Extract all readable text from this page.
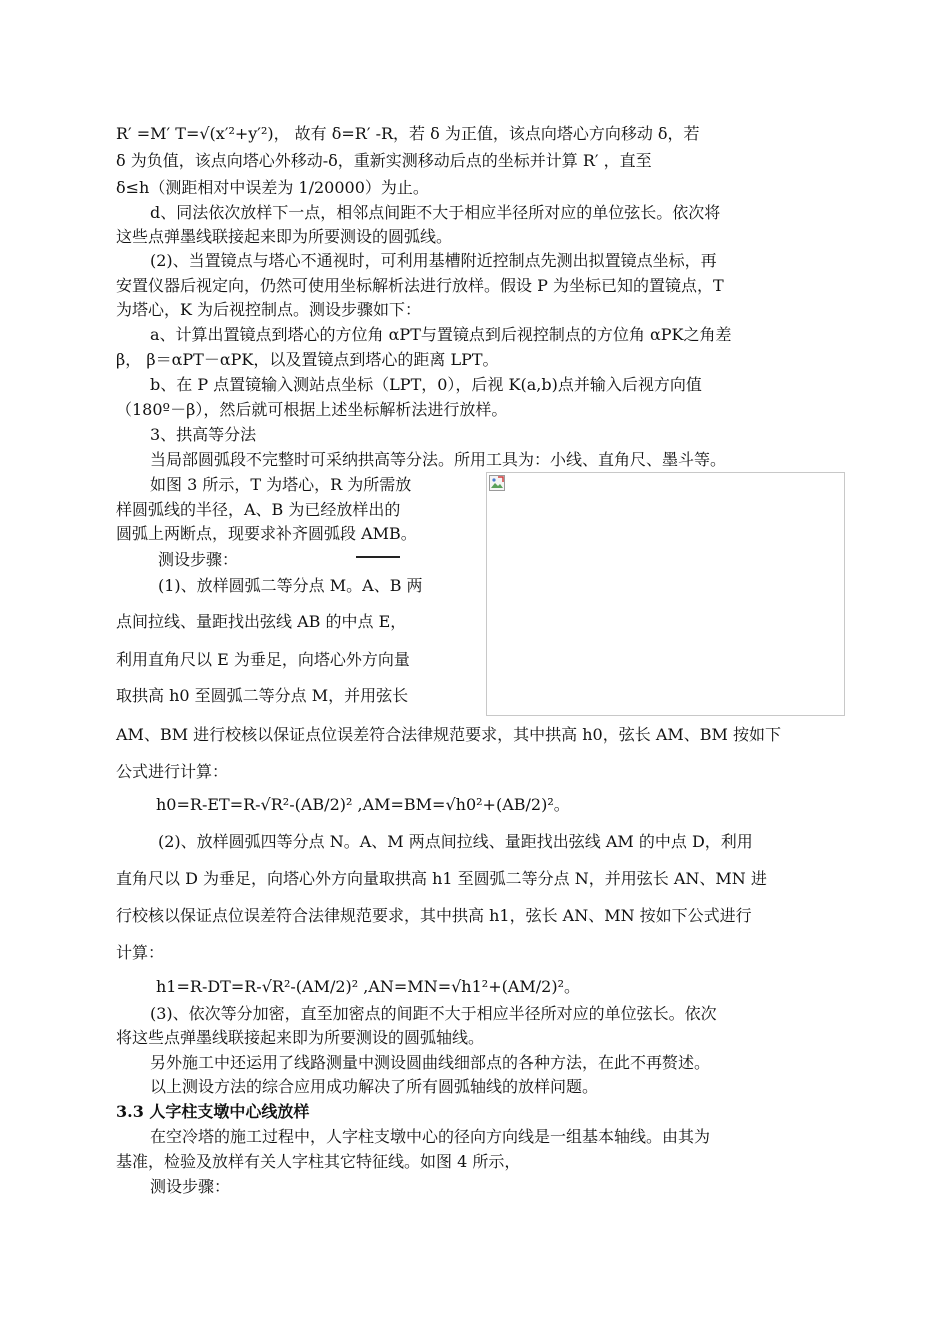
R′ =M′ T=√(x′²+y′²)， 故有 δ=R′ -R，若 δ 为正值，该点向塔心方向移动 δ，若
δ 为负值，该点向塔心外移动-δ，重新实测移动后点的坐标并计算 R′ ，直至
δ≤h（测距相对中误差为 1/20000）为止。
d、同法依次放样下一点，相邻点间距不大于相应半径所对应的单位弦长。依次将
这些点弹墨线联接起来即为所要测设的圆弧线。
(2)、当置镜点与塔心不通视时，可利用基槽附近控制点先测出拟置镜点坐标，再
安置仪器后视定向，仍然可使用坐标解析法进行放样。假设 P 为坐标已知的置镜点，T
为塔心，K 为后视控制点。测设步骤如下：
a、计算出置镜点到塔心的方位角 αPT与置镜点到后视控制点的方位角 αPK之角差
β， β＝αPT－αPK，以及置镜点到塔心的距离 LPT。
b、在 P 点置镜输入测站点坐标（LPT，0），后视 K(a,b)点并输入后视方向值
（180º－β），然后就可根据上述坐标解析法进行放样。
3、拱高等分法
当局部圆弧段不完整时可采纳拱高等分法。所用工具为：小线、直角尺、墨斗等。
如图 3 所示，T 为塔心，R 为所需放
样圆弧线的半径，A、B 为已经放样出的
圆弧上两断点，现要求补齐圆弧段 AMB。
测设步骤：
(1)、放样圆弧二等分点 M。A、B 两
点间拉线、量距找出弦线 AB 的中点 E，
利用直角尺以 E 为垂足，向塔心外方向量
取拱高 h0 至圆弧二等分点 M，并用弦长
AM、BM 进行校核以保证点位误差符合法律规范要求，其中拱高 h0，弦长 AM、BM 按如下
公式进行计算：
h0=R-ET=R-√R²-(AB/2)² ,AM=BM=√h0²+(AB/2)²。
(2)、放样圆弧四等分点 N。A、M 两点间拉线、量距找出弦线 AM 的中点 D，利用
直角尺以 D 为垂足，向塔心外方向量取拱高 h1 至圆弧二等分点 N，并用弦长 AN、MN 进
行校核以保证点位误差符合法律规范要求，其中拱高 h1，弦长 AN、MN 按如下公式进行
计算：
h1=R-DT=R-√R²-(AM/2)² ,AN=MN=√h1²+(AM/2)²。
(3)、依次等分加密，直至加密点的间距不大于相应半径所对应的单位弦长。依次
将这些点弹墨线联接起来即为所要测设的圆弧轴线。
另外施工中还运用了线路测量中测设圆曲线细部点的各种方法，在此不再赘述。
以上测设方法的综合应用成功解决了所有圆弧轴线的放样问题。
3.3 人字柱支墩中心线放样
在空冷塔的施工过程中，人字柱支墩中心的径向方向线是一组基本轴线。由其为
基准，检验及放样有关人字柱其它特征线。如图 4 所示，
测设步骤：
